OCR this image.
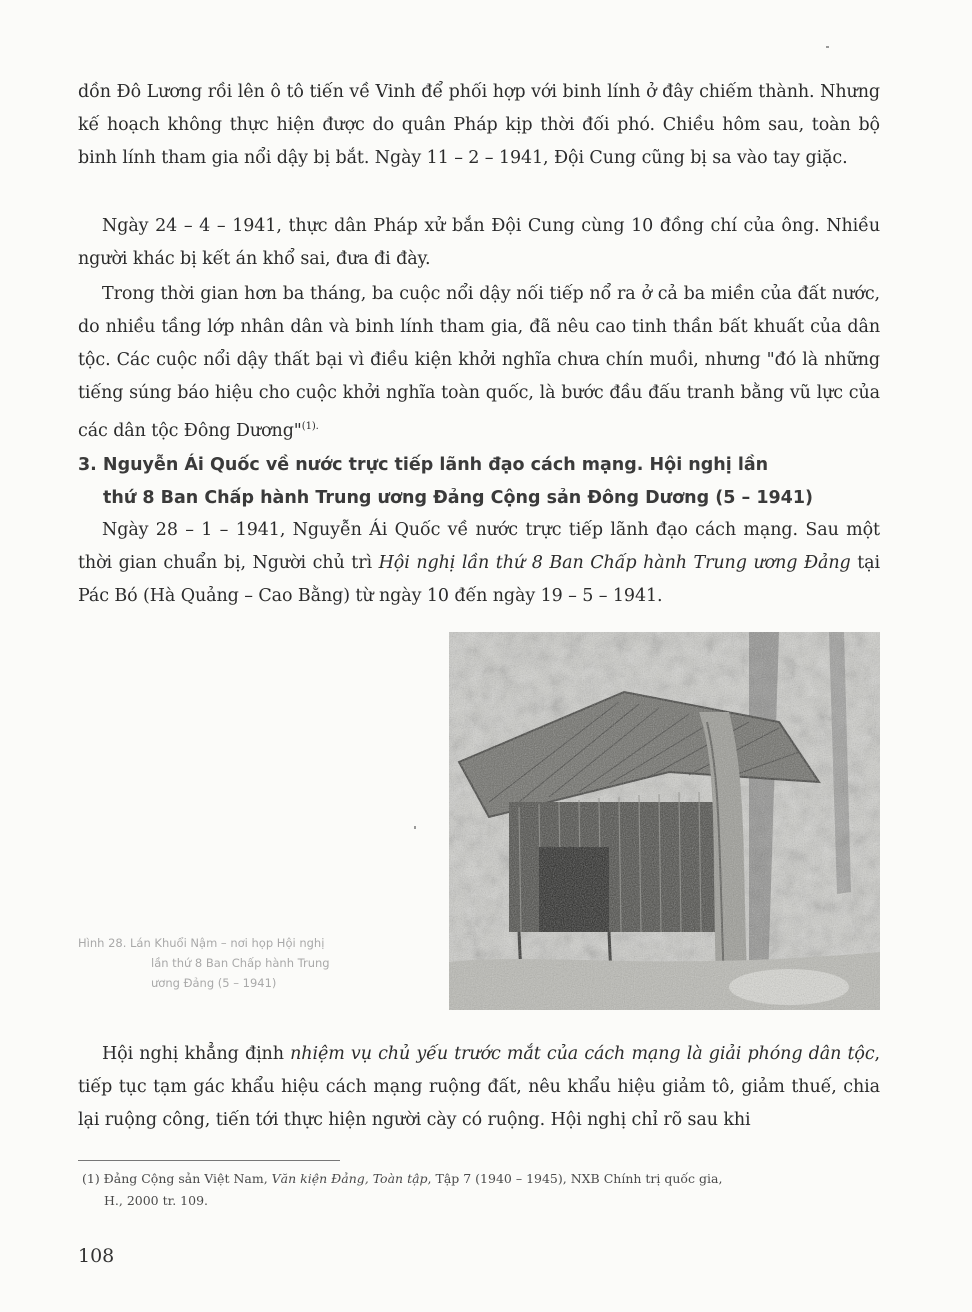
dồn Đô Lương rồi lên ô tô tiến về Vinh để phối hợp với binh lính ở đây chiếm thành. Nhưng kế hoạch không thực hiện được do quân Pháp kịp thời đối phó. Chiều hôm sau, toàn bộ binh lính tham gia nổi dậy bị bắt. Ngày 11 – 2 – 1941, Đội Cung cũng bị sa vào tay giặc.

Ngày 24 – 4 – 1941, thực dân Pháp xử bắn Đội Cung cùng 10 đồng chí của ông. Nhiều người khác bị kết án khổ sai, đưa đi đày.

Trong thời gian hơn ba tháng, ba cuộc nổi dậy nối tiếp nổ ra ở cả ba miền của đất nước, do nhiều tầng lớp nhân dân và binh lính tham gia, đã nêu cao tinh thần bất khuất của dân tộc. Các cuộc nổi dậy thất bại vì điều kiện khởi nghĩa chưa chín muồi, nhưng "đó là những tiếng súng báo hiệu cho cuộc khởi nghĩa toàn quốc, là bước đầu đấu tranh bằng vũ lực của các dân tộc Đông Dương"$^{(1).}$

3. Nguyễn Ái Quốc về nước trực tiếp lãnh đạo cách mạng. Hội nghị lần
thứ 8 Ban Chấp hành Trung ương Đảng Cộng sản Đông Dương (5 – 1941)

Ngày 28 – 1 – 1941, Nguyễn Ái Quốc về nước trực tiếp lãnh đạo cách mạng. Sau một thời gian chuẩn bị, Người chủ trì Hội nghị lần thứ 8 Ban Chấp hành Trung ương Đảng tại Pác Bó (Hà Quảng – Cao Bằng) từ ngày 10 đến ngày 19 – 5 – 1941.

Hình 28. Lán Khuổi Nậm – nơi họp Hội nghị
lần thứ 8 Ban Chấp hành Trung
ương Đảng (5 – 1941)

Hội nghị khẳng định nhiệm vụ chủ yếu trước mắt của cách mạng là giải phóng dân tộc, tiếp tục tạm gác khẩu hiệu cách mạng ruộng đất, nêu khẩu hiệu giảm tô, giảm thuế, chia lại ruộng công, tiến tới thực hiện người cày có ruộng. Hội nghị chỉ rõ sau khi

(1) Đảng Cộng sản Việt Nam, Văn kiện Đảng, Toàn tập, Tập 7 (1940 – 1945), NXB Chính trị quốc gia,
H., 2000 tr. 109.

108
